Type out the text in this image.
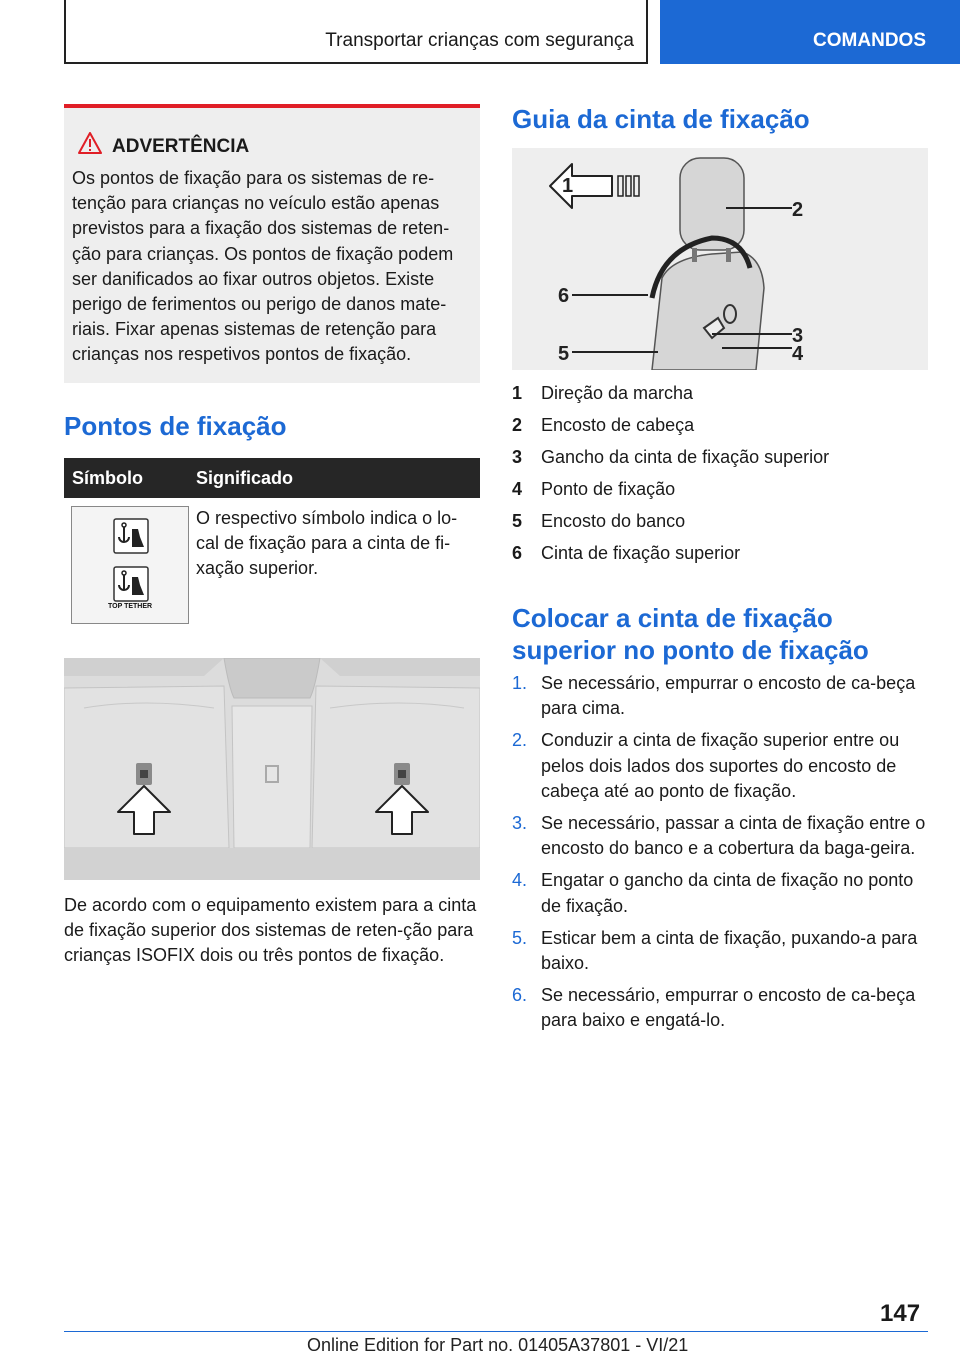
Transportar crianças com segurança	COMANDOS
ADVERTÊNCIA
Os pontos de fixação para os sistemas de re-tenção para crianças no veículo estão apenas previstos para a fixação dos sistemas de reten-ção para crianças. Os pontos de fixação podem ser danificados ao fixar outros objetos. Existe perigo de ferimentos ou perigo de danos mate-riais. Fixar apenas sistemas de retenção para crianças nos respetivos pontos de fixação.
Pontos de fixação
Símbolo	Significado
TOP TETHER
O respectivo símbolo indica o lo-cal de fixação para a cinta de fi-xação superior.
De acordo com o equipamento existem para a cinta de fixação superior dos sistemas de reten-ção para crianças ISOFIX dois ou três pontos de fixação.
Guia da cinta de fixação
1
2
3
4
5
6
1 Direção da marcha
2 Encosto de cabeça
3 Gancho da cinta de fixação superior
4 Ponto de fixação
5 Encosto do banco
6 Cinta de fixação superior
Colocar a cinta de fixação superior no ponto de fixação
1. Se necessário, empurrar o encosto de ca-beça para cima.
2. Conduzir a cinta de fixação superior entre ou pelos dois lados dos suportes do encosto de cabeça até ao ponto de fixação.
3. Se necessário, passar a cinta de fixação entre o encosto do banco e a cobertura da baga-geira.
4. Engatar o gancho da cinta de fixação no ponto de fixação.
5. Esticar bem a cinta de fixação, puxando-a para baixo.
6. Se necessário, empurrar o encosto de ca-beça para baixo e engatá-lo.
147
Online Edition for Part no. 01405A37801 - VI/21
